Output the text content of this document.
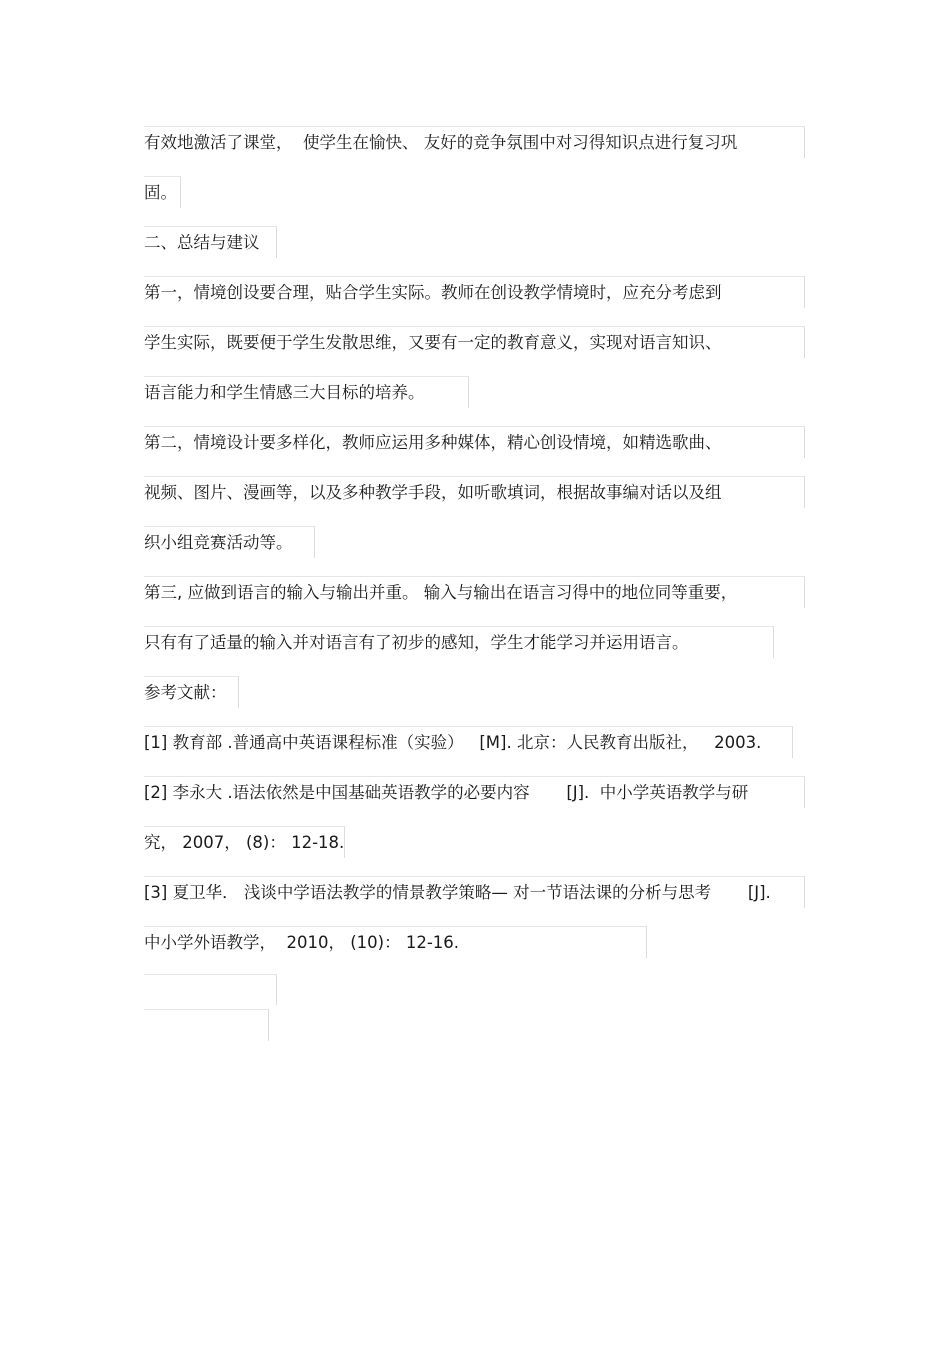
有效地激活了课堂，  使学生在愉快、 友好的竞争氛围中对习得知识点进行复习巩
固。
二、总结与建议
第一，情境创设要合理，贴合学生实际。教师在创设教学情境时，应充分考虑到
学生实际，既要便于学生发散思维，又要有一定的教育意义，实现对语言知识、
语言能力和学生情感三大目标的培养。
第二，情境设计要多样化，教师应运用多种媒体，精心创设情境，如精选歌曲、
视频、图片、漫画等，以及多种教学手段，如听歌填词，根据故事编对话以及组
织小组竞赛活动等。
第三, 应做到语言的输入与输出并重。 输入与输出在语言习得中的地位同等重要，
只有有了适量的输入并对语言有了初步的感知，学生才能学习并运用语言。
参考文献：
[1] 教育部 .普通高中英语课程标准（实验）   [M]. 北京：人民教育出版社，   2003.
[2] 李永大 .语法依然是中国基础英语教学的必要内容       [J].  中小学英语教学与研
究， 2007， (8)： 12-18.
[3] 夏卫华． 浅谈中学语法教学的情景教学策略— 对一节语法课的分析与思考       [J].
中小学外语教学，  2010， (10)： 12-16.
